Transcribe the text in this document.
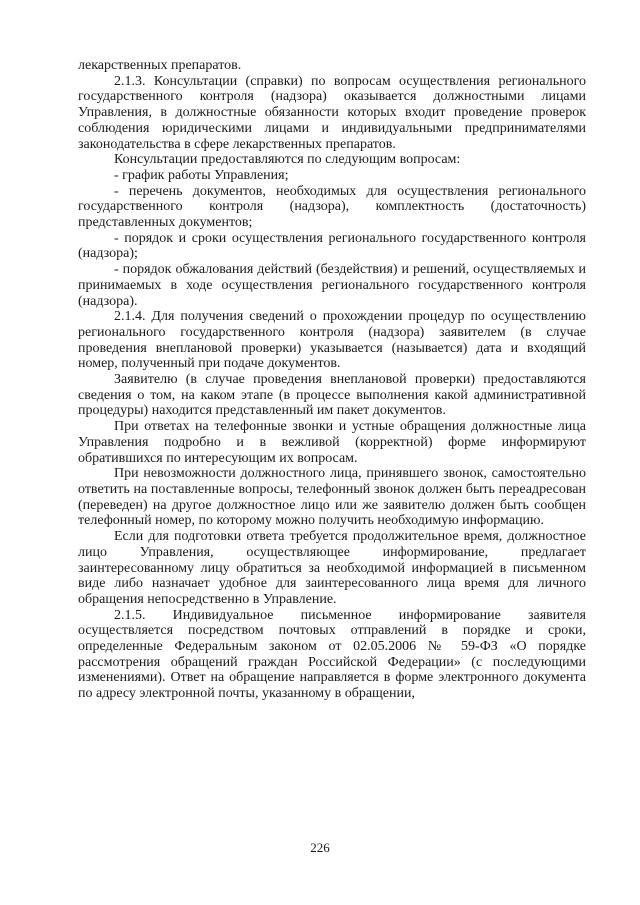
лекарственных препаратов.

2.1.3. Консультации (справки) по вопросам осуществления регионального государственного контроля (надзора) оказывается должностными лицами Управления, в должностные обязанности которых входит проведение проверок соблюдения юридическими лицами и индивидуальными предпринимателями законодательства в сфере лекарственных препаратов.

Консультации предоставляются по следующим вопросам:

- график работы Управления;

- перечень документов, необходимых для осуществления регионального государственного контроля (надзора), комплектность (достаточность) представленных документов;

- порядок и сроки осуществления регионального государственного контроля (надзора);

- порядок обжалования действий (бездействия) и решений, осуществляемых и принимаемых в ходе осуществления регионального государственного контроля (надзора).

2.1.4. Для получения сведений о прохождении процедур по осуществлению регионального государственного контроля (надзора) заявителем (в случае проведения внеплановой проверки) указывается (называется) дата и входящий номер, полученный при подаче документов.

Заявителю (в случае проведения внеплановой проверки) предоставляются сведения о том, на каком этапе (в процессе выполнения какой административной процедуры) находится представленный им пакет документов.

При ответах на телефонные звонки и устные обращения должностные лица Управления подробно и в вежливой (корректной) форме информируют обратившихся по интересующим их вопросам.

При невозможности должностного лица, принявшего звонок, самостоятельно ответить на поставленные вопросы, телефонный звонок должен быть переадресован (переведен) на другое должностное лицо или же заявителю должен быть сообщен телефонный номер, по которому можно получить необходимую информацию.

Если для подготовки ответа требуется продолжительное время, должностное лицо Управления, осуществляющее информирование, предлагает заинтересованному лицу обратиться за необходимой информацией в письменном виде либо назначает удобное для заинтересованного лица время для личного обращения непосредственно в Управление.

2.1.5. Индивидуальное письменное информирование заявителя осуществляется посредством почтовых отправлений в порядке и сроки, определенные Федеральным законом от 02.05.2006 № 59-ФЗ «О порядке рассмотрения обращений граждан Российской Федерации» (с последующими изменениями). Ответ на обращение направляется в форме электронного документа по адресу электронной почты, указанному в обращении,

226
